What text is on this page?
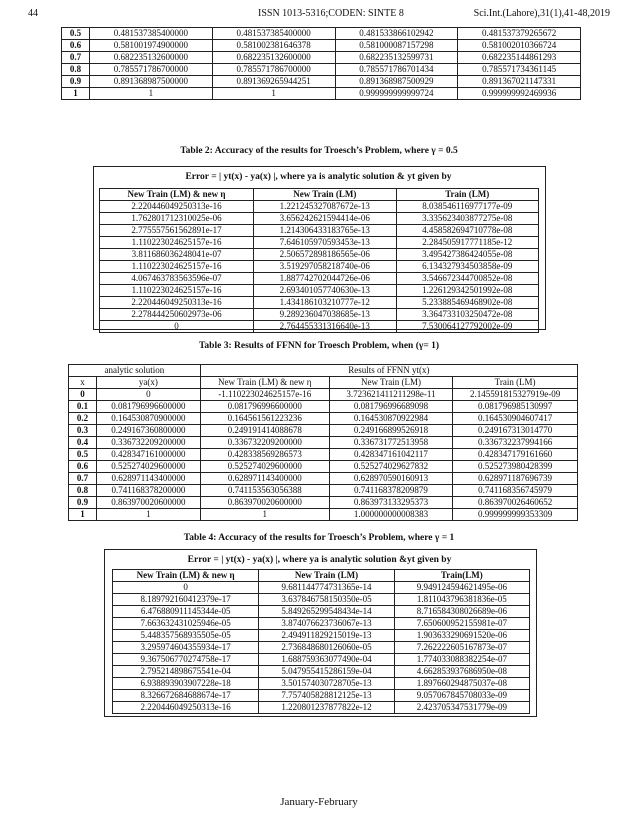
44	ISSN 1013-5316;CODEN: SINTE 8	Sci.Int.(Lahore),31(1),41-48,2019
0.5	0.481537385400000	0.481537385400000	0.481533866102942	0.481537379265672
0.6	0.581001974900000	0.581002381646378	0.581000087157298	0.581002010366724
0.7	0.682235132600000	0.682235132600000	0.682235132599731	0.682235144861293
0.8	0.785571786700000	0.785571786700000	0.785571786701434	0.785571734361145
0.9	0.891368987500000	0.891369265944251	0.891368987500929	0.891367021147331
1	1	1	0.999999999999724	0.999999992469936
Table 2: Accuracy of the results for Troesch’s Problem, where γ = 0.5
Error = | yt(x) - ya(x) |, where ya is analytic solution & yt given by
New Train (LM) & new η	New Train (LM)	Train (LM)
2.220446049250313e-16	1.221245327087672e-13	8.038546116977177e-09
1.762801712310025e-06	3.656242621594414e-06	3.335623403877275e-08
2.775557561562891e-17	1.214306433183765e-13	4.458582694710778e-08
1.110223024625157e-16	7.646105970593453e-13	2.284505917771185e-12
3.811686036248041e-07	2.506572898186565e-06	3.495427386424055e-08
1.110223024625157e-16	3.519297058218740e-06	6.134327934503858e-09
4.067463783563596e-07	1.887742702044726e-06	3.546672344700852e-08
1.110223024625157e-16	2.693401057740630e-13	1.226129342501992e-08
2.220446049250313e-16	1.434186103210777e-12	5.233885469468902e-08
2.278444250602973e-06	9.289236047038685e-13	3.364733103250472e-08
0	2.764455331316640e-13	7.530064127792002e-09
Table 3: Results of FFNN for Troesch Problem, when (γ= 1)
analytic solution		Results of FFNN yt(x)		
x	ya(x)	New Train (LM) & new η	New Train (LM)	Train (LM)
0	0	-1.110223024625157e-16	3.723621411211298e-11	2.145591815327919e-09
0.1	0.081796996600000	0.081796996600000	0.081796996689098	0.081796985130997
0.2	0.164530870900000	0.164561561223236	0.164530870922984	0.164530904607417
0.3	0.249167360800000	0.249191414088678	0.249166899526918	0.249167313014770
0.4	0.336732209200000	0.336732209200000	0.336731772513958	0.336732237994166
0.5	0.428347161000000	0.428338569286573	0.428347161042117	0.428347179161660
0.6	0.525274029600000	0.525274029600000	0.525274029627832	0.525273980428399
0.7	0.628971143400000	0.628971143400000	0.628970590160913	0.628971187696739
0.8	0.741168378200000	0.741153563056388	0.741168378209879	0.741168356745979
0.9	0.863970020600000	0.863970020600000	0.863973133295373	0.863970026460652
1	1	1	1.000000000008383	0.999999999353309
Table 4: Accuracy of the results for Troesch’s Problem, where γ = 1
Error = | yt(x) - ya(x) |, where ya is analytic solution &yt given by
New Train (LM) & new η	New Train (LM)	Train(LM)
0	9.681144774731365e-14	9.949124594621495e-06
8.189792160412379e-17	3.637846758150350e-05	1.811043796381836e-05
6.476880911145344e-05	5.849265299548434e-14	8.716584308026689e-06
7.663632431025946e-05	3.874076623736067e-13	7.650600952155981e-07
5.448357568935505e-05	2.494911829215019e-13	1.903633290691520e-06
3.295974604355934e-17	2.736848680126060e-05	7.262222605167873e-07
9.367506770274758e-17	1.688759363077490e-04	1.774033088382254e-07
2.795214898675541e-04	5.047955415286159e-04	4.662853937686950e-08
6.938893903907228e-18	3.501574030728705e-13	1.897660294875037e-08
8.326672684688674e-17	7.757405828812125e-13	9.057067845708033e-09
2.220446049250313e-16	1.220801237877822e-12	2.423705347531779e-09
January-February
